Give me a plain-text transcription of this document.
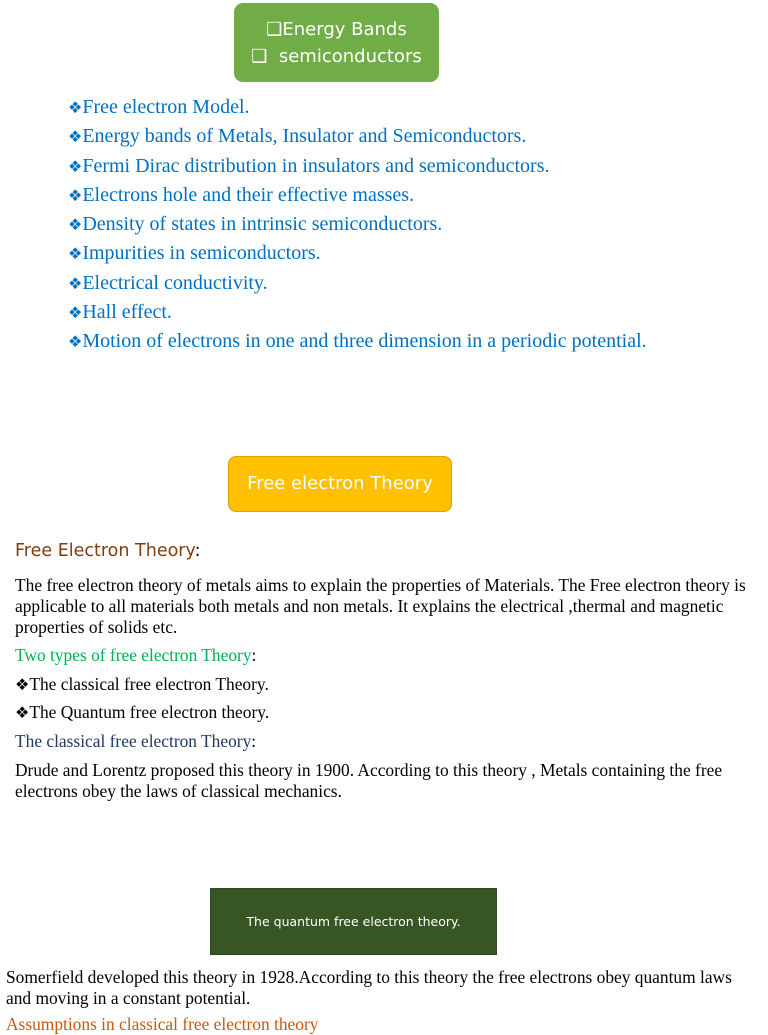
❑Energy Bands
❑ semiconductors
❖Free electron Model.
❖Energy bands of Metals, Insulator and Semiconductors.
❖Fermi Dirac distribution in insulators and semiconductors.
❖Electrons hole and their effective masses.
❖Density of states in intrinsic semiconductors.
❖Impurities in semiconductors.
❖Electrical conductivity.
❖Hall effect.
❖Motion of electrons in one and three dimension in a periodic potential.
Free electron Theory
Free Electron Theory:

The free electron theory of metals aims to explain the properties of Materials. The Free electron theory is applicable to all materials both metals and non metals. It explains the electrical ,thermal and magnetic properties of solids etc.

Two types of free electron Theory:
❖The classical free electron Theory.
❖The Quantum free electron theory.
The classical free electron Theory:

Drude and Lorentz proposed this theory in 1900. According to this theory , Metals containing the free electrons obey the laws of classical mechanics.

The quantum free electron theory.

Somerfield developed this theory in 1928.According to this theory the free electrons obey quantum laws and moving in a constant potential.

Assumptions in classical free electron theory
